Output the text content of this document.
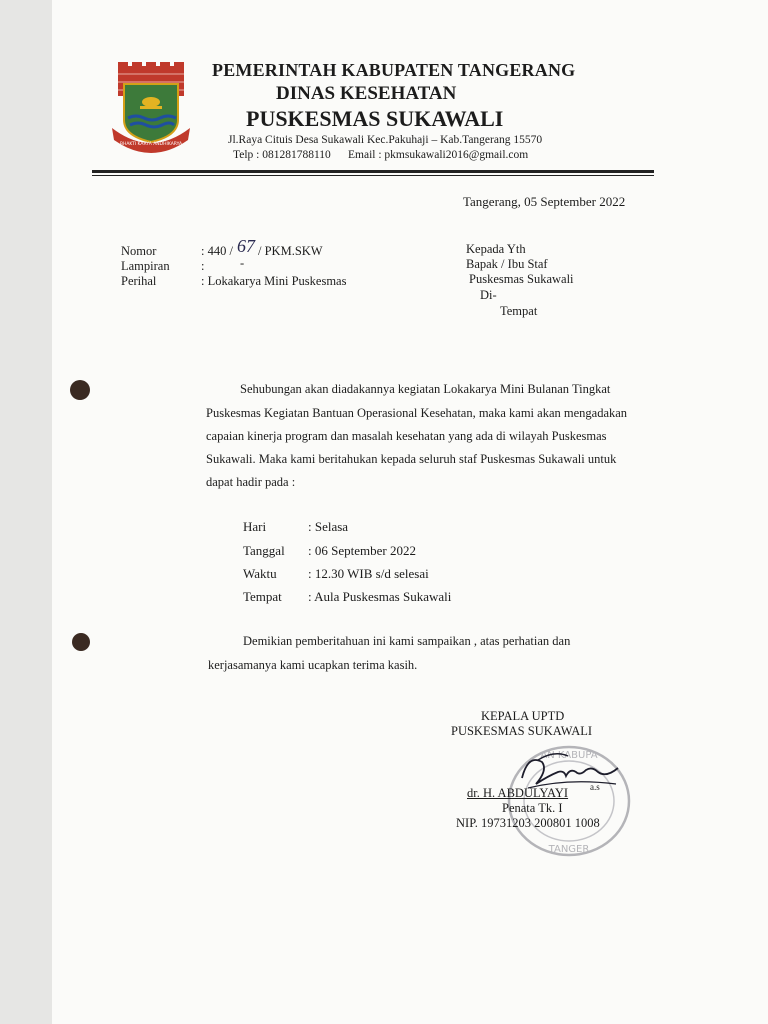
BHAKTI KARYA ANDHIKARYA
PEMERINTAH KABUPATEN TANGERANG
DINAS KESEHATAN
PUSKESMAS SUKAWALI
Jl.Raya Cituis Desa Sukawali Kec.Pakuhaji – Kab.Tangerang 15570
Telp : 081281788110 Email : pkmsukawali2016@gmail.com
Tangerang, 05 September 2022
Nomor	: 440 / 67 / PKM.SKW
Lampiran	:	-
Perihal	: Lokakarya Mini Puskesmas
Kepada Yth
Bapak / Ibu Staf
Puskesmas Sukawali
Di-
Tempat
Sehubungan akan diadakannya kegiatan Lokakarya Mini Bulanan Tingkat
Puskesmas Kegiatan Bantuan Operasional Kesehatan, maka kami akan mengadakan
capaian kinerja program dan masalah kesehatan yang ada di wilayah Puskesmas
Sukawali. Maka kami beritahukan kepada seluruh staf Puskesmas Sukawali untuk
dapat hadir pada :
Hari	: Selasa
Tanggal : 06 September 2022
Waktu : 12.30 WIB s/d selesai
Tempat : Aula Puskesmas Sukawali
Demikian pemberitahuan ini kami sampaikan , atas perhatian dan
kerjasamanya kami ucapkan terima kasih.
AN KABUPA
TANGER
KEPALA UPTD
PUSKESMAS SUKAWALI
dr. H. ABDULYAYI a.s
Penata Tk. I
NIP. 19731203 200801 1008
